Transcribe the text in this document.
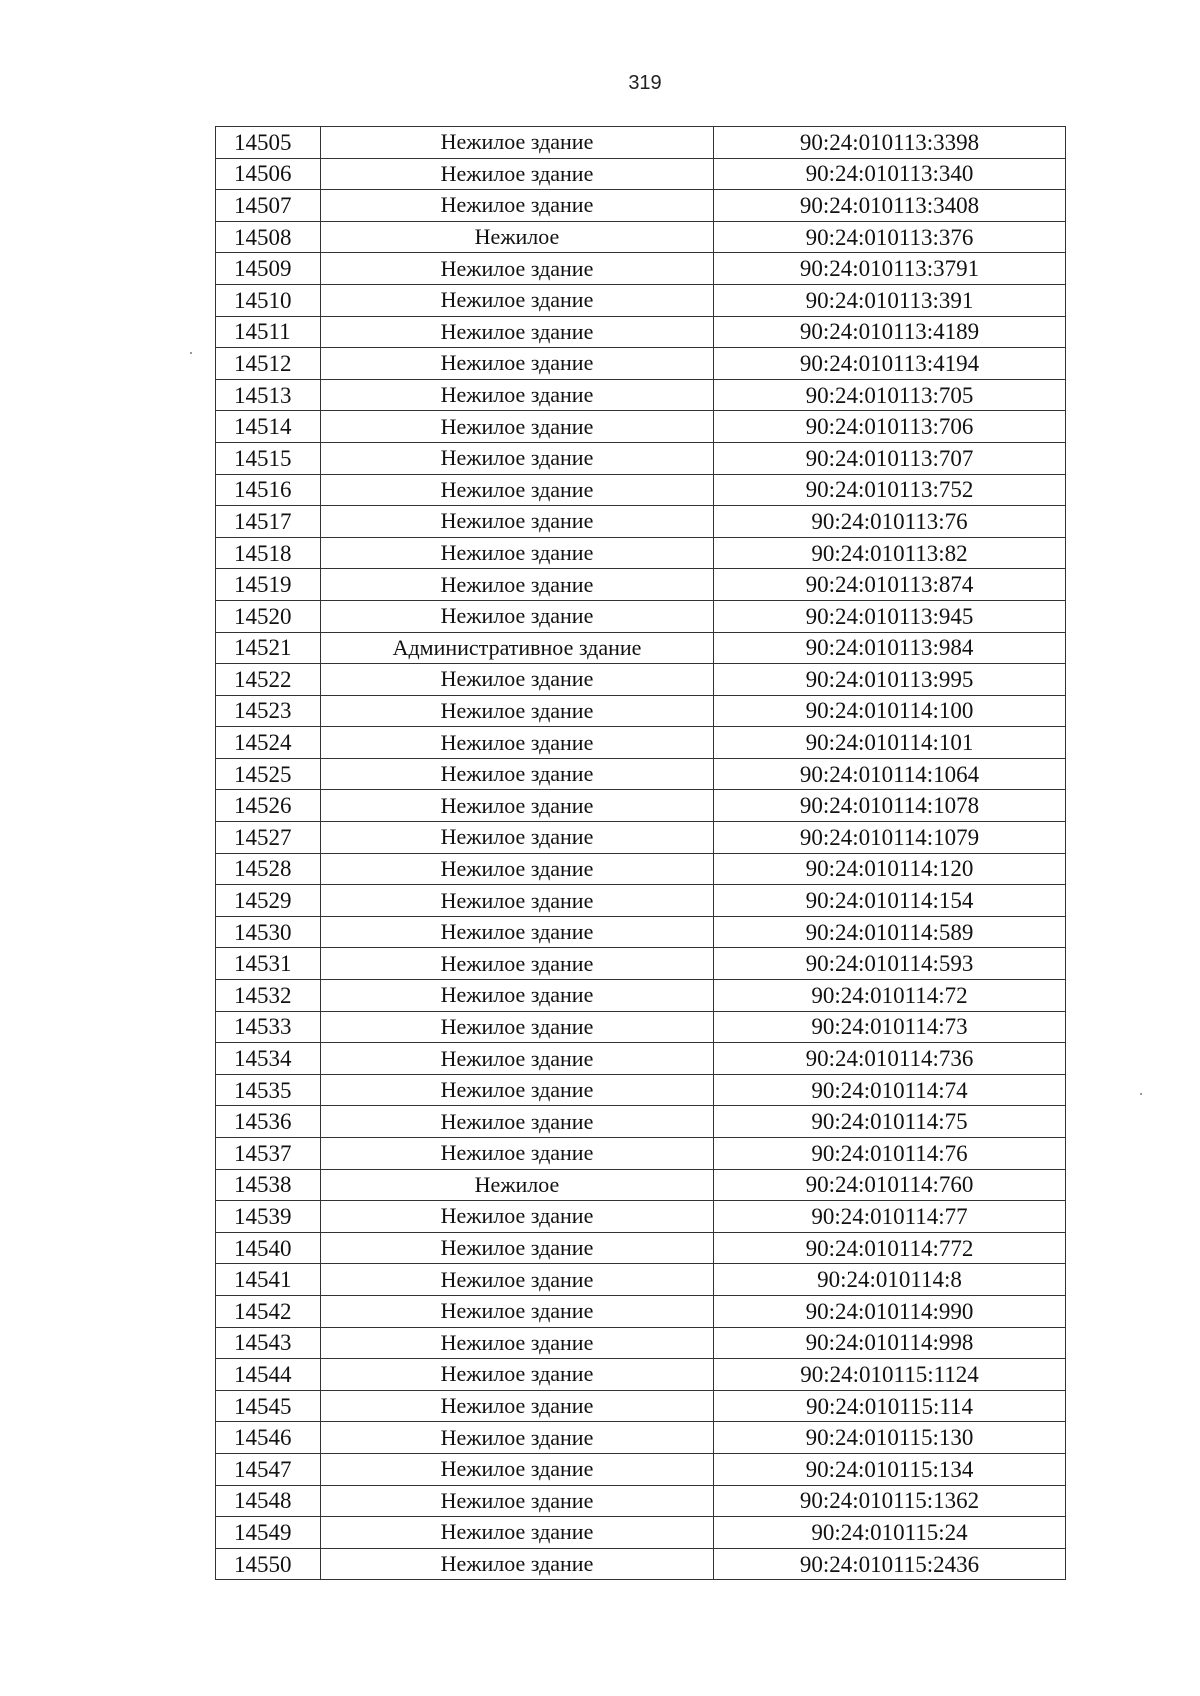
319
14505	Нежилое здание	90:24:010113:3398
14506	Нежилое здание	90:24:010113:340
14507	Нежилое здание	90:24:010113:3408
14508	Нежилое	90:24:010113:376
14509	Нежилое здание	90:24:010113:3791
14510	Нежилое здание	90:24:010113:391
14511	Нежилое здание	90:24:010113:4189
14512	Нежилое здание	90:24:010113:4194
14513	Нежилое здание	90:24:010113:705
14514	Нежилое здание	90:24:010113:706
14515	Нежилое здание	90:24:010113:707
14516	Нежилое здание	90:24:010113:752
14517	Нежилое здание	90:24:010113:76
14518	Нежилое здание	90:24:010113:82
14519	Нежилое здание	90:24:010113:874
14520	Нежилое здание	90:24:010113:945
14521	Административное здание	90:24:010113:984
14522	Нежилое здание	90:24:010113:995
14523	Нежилое здание	90:24:010114:100
14524	Нежилое здание	90:24:010114:101
14525	Нежилое здание	90:24:010114:1064
14526	Нежилое здание	90:24:010114:1078
14527	Нежилое здание	90:24:010114:1079
14528	Нежилое здание	90:24:010114:120
14529	Нежилое здание	90:24:010114:154
14530	Нежилое здание	90:24:010114:589
14531	Нежилое здание	90:24:010114:593
14532	Нежилое здание	90:24:010114:72
14533	Нежилое здание	90:24:010114:73
14534	Нежилое здание	90:24:010114:736
14535	Нежилое здание	90:24:010114:74
14536	Нежилое здание	90:24:010114:75
14537	Нежилое здание	90:24:010114:76
14538	Нежилое	90:24:010114:760
14539	Нежилое здание	90:24:010114:77
14540	Нежилое здание	90:24:010114:772
14541	Нежилое здание	90:24:010114:8
14542	Нежилое здание	90:24:010114:990
14543	Нежилое здание	90:24:010114:998
14544	Нежилое здание	90:24:010115:1124
14545	Нежилое здание	90:24:010115:114
14546	Нежилое здание	90:24:010115:130
14547	Нежилое здание	90:24:010115:134
14548	Нежилое здание	90:24:010115:1362
14549	Нежилое здание	90:24:010115:24
14550	Нежилое здание	90:24:010115:2436
